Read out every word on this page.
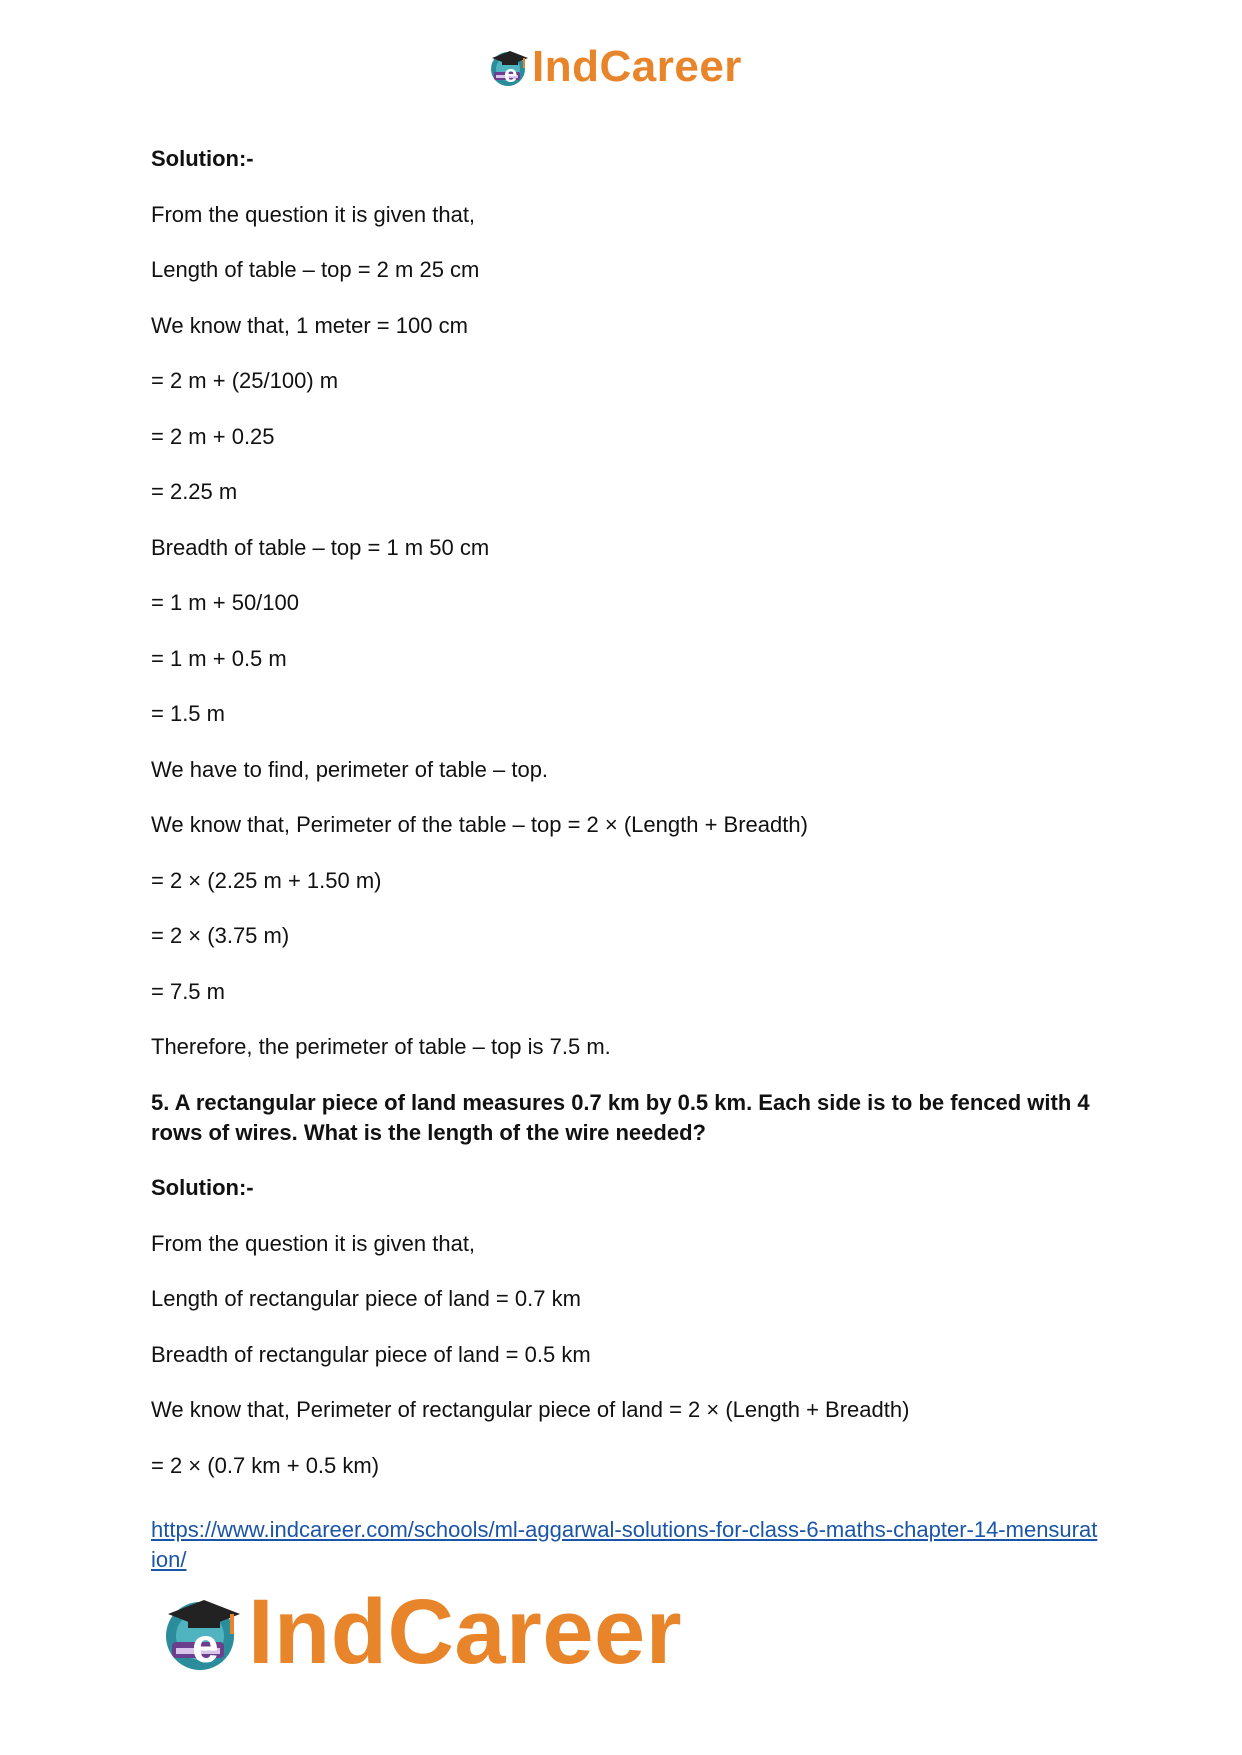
e IndCareer
Solution:-
From the question it is given that,
Length of table – top = 2 m 25 cm
We know that, 1 meter = 100 cm
= 2 m + (25/100) m
= 2 m + 0.25
= 2.25 m
Breadth of table – top = 1 m 50 cm
= 1 m + 50/100
= 1 m + 0.5 m
= 1.5 m
We have to find, perimeter of table – top.
We know that, Perimeter of the table – top = 2 × (Length + Breadth)
= 2 × (2.25 m + 1.50 m)
= 2 × (3.75 m)
= 7.5 m
Therefore, the perimeter of table – top is 7.5 m.
5. A rectangular piece of land measures 0.7 km by 0.5 km. Each side is to be fenced with 4 rows of wires. What is the length of the wire needed?
Solution:-
From the question it is given that,
Length of rectangular piece of land = 0.7 km
Breadth of rectangular piece of land = 0.5 km
We know that, Perimeter of rectangular piece of land = 2 × (Length + Breadth)
= 2 × (0.7 km + 0.5 km)
https://www.indcareer.com/schools/ml-aggarwal-solutions-for-class-6-maths-chapter-14-mensuration/
e IndCareer
